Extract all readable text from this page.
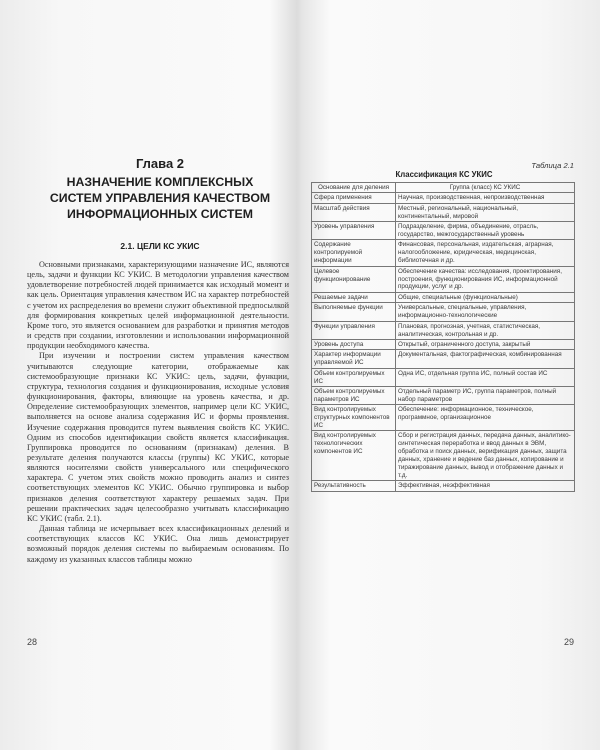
Глава 2
НАЗНАЧЕНИЕ КОМПЛЕКСНЫХ СИСТЕМ УПРАВЛЕНИЯ КАЧЕСТВОМ ИНФОРМАЦИОННЫХ СИСТЕМ
2.1. ЦЕЛИ КС УКИС

Основными признаками, характеризующими назначение ИС, являются цель, задачи и функции КС УКИС. В методологии управления качеством удовлетворение потребностей людей принимается как исходный момент и как цель. Ориентация управления качеством ИС на характер потребностей с учетом их распределения во времени служит объективной предпосылкой для формирования конкретных целей информационной деятельности. Кроме того, это является основанием для разработки и принятия методов и средств при создании, изготовлении и использовании информационной продукции необходимого качества.

При изучении и построении систем управления качеством учитываются следующие категории, отображаемые как системообразующие признаки КС УКИС: цель, задачи, функции, структура, технология создания и функционирования, исходные условия функционирования, факторы, влияющие на уровень качества, и др. Определение системообразующих элементов, например цели КС УКИС, выполняется на основе анализа содержания ИС и формы проявления. Изучение содержания проводится путем выявления свойств КС УКИС. Одним из способов идентификации свойств является классификация. Группировка проводится по основаниям (признакам) деления. В результате деления получаются классы (группы) КС УКИС, которые являются носителями свойств универсального или специфического характера. С учетом этих свойств можно проводить анализ и синтез соответствующих элементов КС УКИС. Обычно группировка и выбор признаков деления соответствуют характеру решаемых задач. При решении практических задач целесообразно учитывать классификацию КС УКИС (табл. 2.1).

Данная таблица не исчерпывает всех классификационных делений и соответствующих классов КС УКИС. Она лишь демонстрирует возможный порядок деления системы по выбираемым основаниям. По каждому из указанных классов таблицы можно

28
Таблица 2.1
Классификация КС УКИС
Основание для деления	Группа (класс) КС УКИС
Сфера применения	Научная, производственная, непроизводственная
Масштаб действия	Местный, региональный, национальный, континентальный, мировой
Уровень управления	Подразделение, фирма, объединение, отрасль, государство, межгосударственный уровень
Содержание контролируемой информации	Финансовая, персональная, издательская, аграрная, налогообложение, юридическая, медицинская, библиотечная и др.
Целевое функционирование	Обеспечение качества: исследования, проектирования, построения, функционирования ИС, информационной продукции, услуг и др.
Решаемые задачи	Общие, специальные (функциональные)
Выполняемые функции	Универсальные, специальные, управления, информационно-технологические
Функции управления	Плановая, прогнозная, учетная, статистическая, аналитическая, контрольная и др.
Уровень доступа	Открытый, ограниченного доступа, закрытый
Характер информации управляемой ИС	Документальная, фактографическая, комбинированная
Объем контролируемых ИС	Одна ИС, отдельная группа ИС, полный состав ИС
Объем контролируемых параметров ИС	Отдельный параметр ИС, группа параметров, полный набор параметров
Вид контролируемых структурных компонентов ИС	Обеспечение: информационное, техническое, программное, организационное
Вид контролируемых технологических компонентов ИС	Сбор и регистрация данных, передача данных, аналитико-синтетическая переработка и ввод данных в ЭВМ, обработка и поиск данных, верификация данных, защита данных, хранение и ведение баз данных, копирование и тиражирование данных, вывод и отображение данных и т.д.
Результативность	Эффективная, неэффективная
29
